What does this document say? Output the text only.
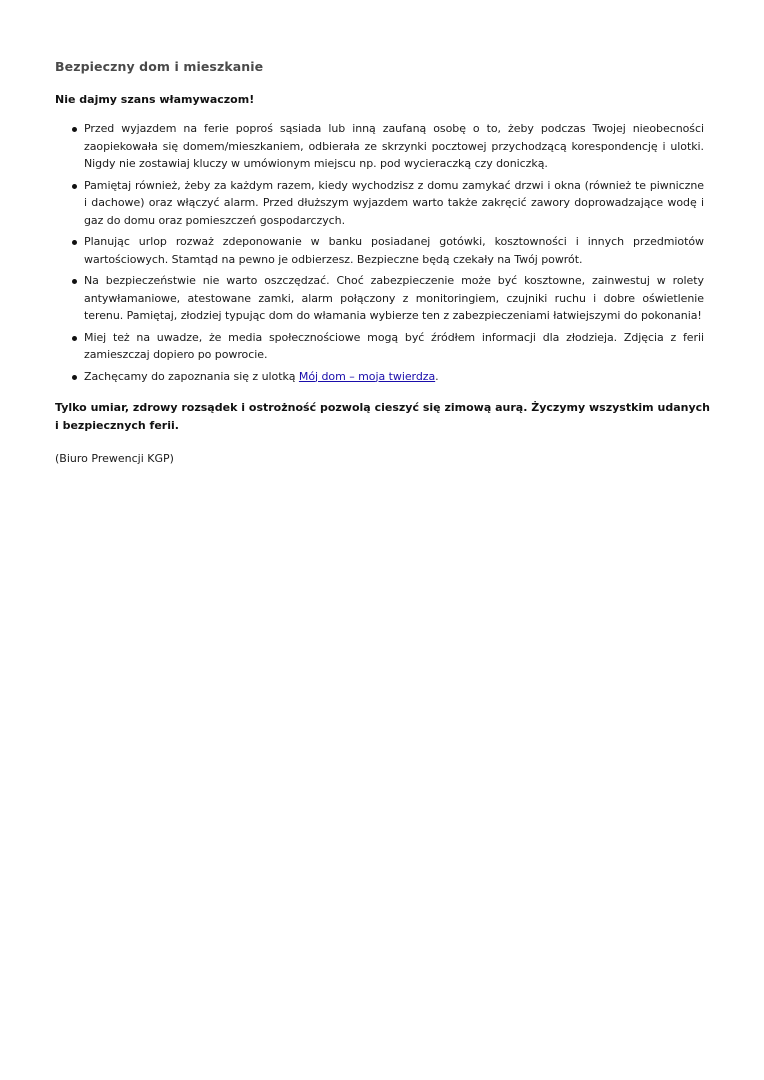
Bezpieczny dom i mieszkanie

Nie dajmy szans włamywaczom!

Przed wyjazdem na ferie poproś sąsiada lub inną zaufaną osobę o to, żeby podczas Twojej nieobecności zaopiekowała się domem/mieszkaniem, odbierała ze skrzynki pocztowej przychodzącą korespondencję i ulotki. Nigdy nie zostawiaj kluczy w umówionym miejscu np. pod wycieraczką czy doniczką.
Pamiętaj również, żeby za każdym razem, kiedy wychodzisz z domu zamykać drzwi i okna (również te piwniczne i dachowe) oraz włączyć alarm. Przed dłuższym wyjazdem warto także zakręcić zawory doprowadzające wodę i gaz do domu oraz pomieszczeń gospodarczych.
Planując urlop rozważ zdeponowanie w banku posiadanej gotówki, kosztowności i innych przedmiotów wartościowych. Stamtąd na pewno je odbierzesz. Bezpieczne będą czekały na Twój powrót.
Na bezpieczeństwie nie warto oszczędzać. Choć zabezpieczenie może być kosztowne, zainwestuj w rolety antywłamaniowe, atestowane zamki, alarm połączony z monitoringiem, czujniki ruchu i dobre oświetlenie terenu. Pamiętaj, złodziej typując dom do włamania wybierze ten z zabezpieczeniami łatwiejszymi do pokonania!
Miej też na uwadze, że media społecznościowe mogą być źródłem informacji dla złodzieja. Zdjęcia z ferii zamieszczaj dopiero po powrocie.
Zachęcamy do zapoznania się z ulotką Mój dom – moja twierdza.

Tylko umiar, zdrowy rozsądek i ostrożność pozwolą cieszyć się zimową aurą. Życzymy wszystkim udanych i bezpiecznych ferii.

(Biuro Prewencji KGP)
